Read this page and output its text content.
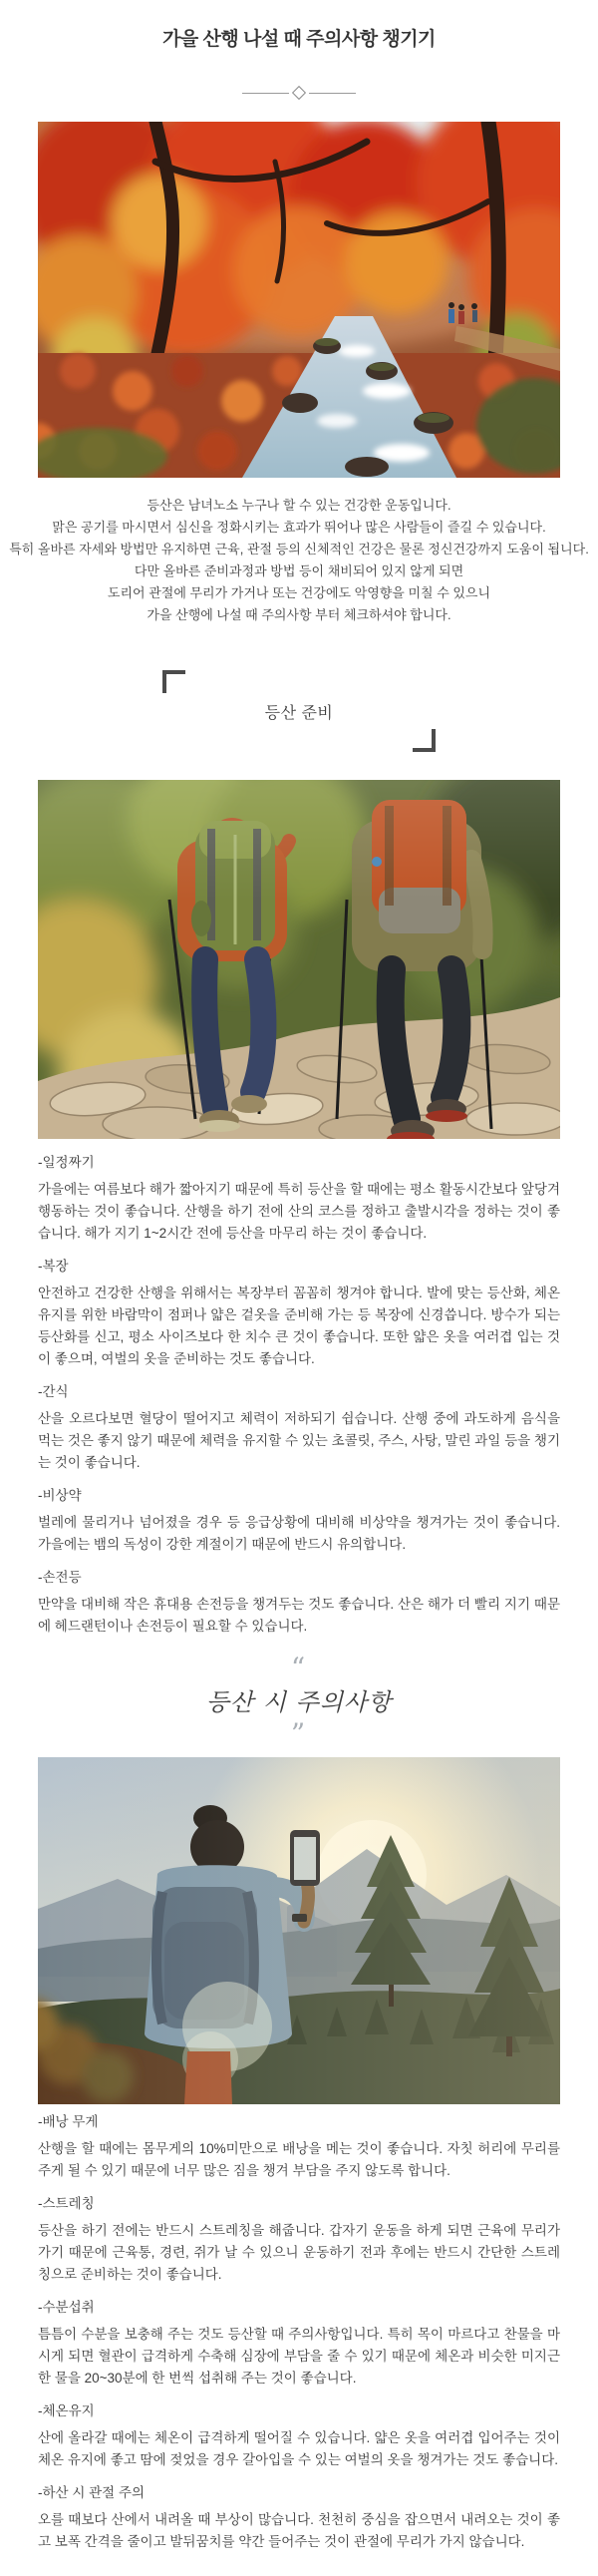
가을 산행 나설 때 주의사항 챙기기
등산은 남녀노소 누구나 할 수 있는 건강한 운동입니다.
맑은 공기를 마시면서 심신을 정화시키는 효과가 뛰어나 많은 사람들이 즐길 수 있습니다.
특히 올바른 자세와 방법만 유지하면 근육, 관절 등의 신체적인 건강은 물론 정신건강까지 도움이 됩니다.
다만 올바른 준비과정과 방법 등이 채비되어 있지 않게 되면
도리어 관절에 무리가 가거나 또는 건강에도 악영향을 미칠 수 있으니
가을 산행에 나설 때 주의사항 부터 체크하셔야 합니다.
등산 준비
-일정짜기

가을에는 여름보다 해가 짧아지기 때문에 특히 등산을 할 때에는 평소 활동시간보다 앞당겨 행동하는 것이 좋습니다. 산행을 하기 전에 산의 코스를 정하고 출발시각을 정하는 것이 좋습니다. 해가 지기 1~2시간 전에 등산을 마무리 하는 것이 좋습니다.

-복장

안전하고 건강한 산행을 위해서는 복장부터 꼼꼼히 챙겨야 합니다. 발에 맞는 등산화, 체온유지를 위한 바람막이 점퍼나 얇은 겉옷을 준비해 가는 등 복장에 신경씁니다. 방수가 되는 등산화를 신고, 평소 사이즈보다 한 치수 큰 것이 좋습니다. 또한 얇은 옷을 여러겹 입는 것이 좋으며, 여벌의 옷을 준비하는 것도 좋습니다.

-간식

산을 오르다보면 혈당이 떨어지고 체력이 저하되기 쉽습니다. 산행 중에 과도하게 음식을 먹는 것은 좋지 않기 때문에 체력을 유지할 수 있는 초콜릿, 주스, 사탕, 말린 과일 등을 챙기는 것이 좋습니다.

-비상약

벌레에 물리거나 넘어졌을 경우 등 응급상황에 대비해 비상약을 챙겨가는 것이 좋습니다. 가을에는 뱀의 독성이 강한 계절이기 때문에 반드시 유의합니다.

-손전등

만약을 대비해 작은 휴대용 손전등을 챙겨두는 것도 좋습니다. 산은 해가 더 빨리 지기 때문에 헤드랜턴이나 손전등이 필요할 수 있습니다.

“
등산 시 주의사항
”
-배낭 무게

산행을 할 때에는 몸무게의 10%미만으로 배낭을 메는 것이 좋습니다. 자칫 허리에 무리를 주게 될 수 있기 때문에 너무 많은 짐을 챙겨 부담을 주지 않도록 합니다.

-스트레칭

등산을 하기 전에는 반드시 스트레칭을 해줍니다. 갑자기 운동을 하게 되면 근육에 무리가 가기 때문에 근육통, 경련, 쥐가 날 수 있으니 운동하기 전과 후에는 반드시 간단한 스트레칭으로 준비하는 것이 좋습니다.

-수분섭취

틈틈이 수분을 보충해 주는 것도 등산할 때 주의사항입니다. 특히 목이 마르다고 찬물을 마시게 되면 혈관이 급격하게 수축해 심장에 부담을 줄 수 있기 때문에 체온과 비슷한 미지근한 물을 20~30분에 한 번씩 섭취해 주는 것이 좋습니다.

-체온유지

산에 올라갈 때에는 체온이 급격하게 떨어질 수 있습니다. 얇은 옷을 여러겹 입어주는 것이 체온 유지에 좋고 땀에 젖었을 경우 갈아입을 수 있는 여벌의 옷을 챙겨가는 것도 좋습니다.

-하산 시 관절 주의

오를 때보다 산에서 내려올 때 부상이 많습니다. 천천히 중심을 잡으면서 내려오는 것이 좋고 보폭 간격을 줄이고 발뒤꿈치를 약간 들어주는 것이 관절에 무리가 가지 않습니다.
